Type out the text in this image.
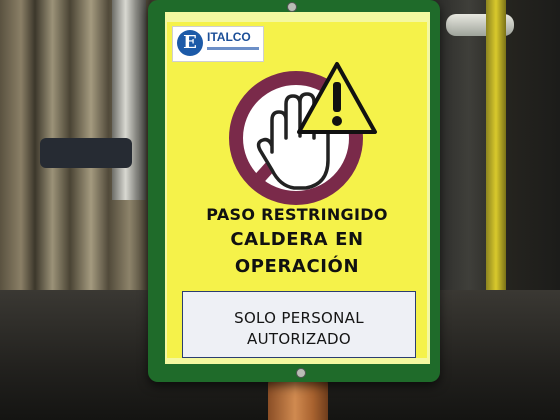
E ITALCO
PASO RESTRINGIDO
CALDERA EN
OPERACIÓN
SOLO PERSONAL
AUTORIZADO
